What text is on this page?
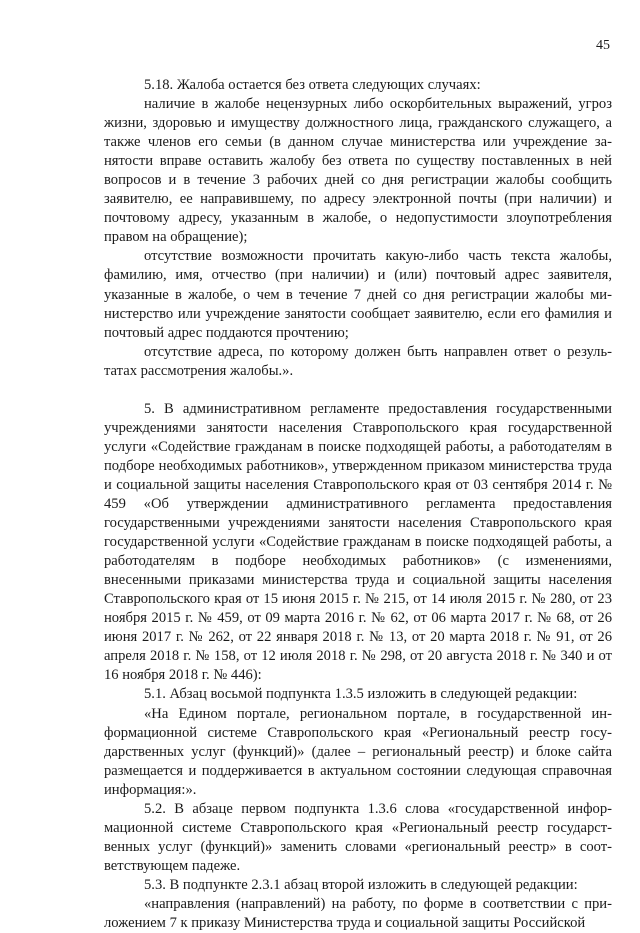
45

5.18. Жалоба остается без ответа следующих случаях:

наличие в жалобе нецензурных либо оскорбительных выражений, угроз жизни, здоровью и имуществу должностного лица, гражданского служащего, а также членов его семьи (в данном случае министерства или учреждение занятости вправе оставить жалобу без ответа по существу поставленных в ней вопросов и в течение 3 рабочих дней со дня регистрации жалобы сообщить заявителю, ее направившему, по адресу электронной почты (при наличии) и почтовому адресу, указанным в жалобе, о недопустимости злоупотребления правом на обращение);

отсутствие возможности прочитать какую-либо часть текста жалобы, фамилию, имя, отчество (при наличии) и (или) почтовый адрес заявителя, указанные в жалобе, о чем в течение 7 дней со дня регистрации жалобы министерство или учреждение занятости сообщает заявителю, если его фамилия и почтовый адрес поддаются прочтению;

отсутствие адреса, по которому должен быть направлен ответ о результатах рассмотрения жалобы.».

5. В административном регламенте предоставления государственными учреждениями занятости населения Ставропольского края государственной услуги «Содействие гражданам в поиске подходящей работы, а работодателям в подборе необходимых работников», утвержденном приказом министерства труда и социальной защиты населения Ставропольского края от 03 сентября 2014 г. № 459 «Об утверждении административного регламента предоставления государственными учреждениями занятости населения Ставропольского края государственной услуги «Содействие гражданам в поиске подходящей работы, а работодателям в подборе необходимых работников» (с изменениями, внесенными приказами министерства труда и социальной защиты населения Ставропольского края от 15 июня 2015 г. № 215, от 14 июля 2015 г. № 280, от 23 ноября 2015 г. № 459, от 09 марта 2016 г. № 62, от 06 марта 2017 г. № 68, от 26 июня 2017 г. № 262, от 22 января 2018 г. № 13, от 20 марта 2018 г. № 91, от 26 апреля 2018 г. № 158, от 12 июля 2018 г. № 298, от 20 августа 2018 г. № 340 и от 16 ноября 2018 г. № 446):

5.1. Абзац восьмой подпункта 1.3.5 изложить в следующей редакции:

«На Едином портале, региональном портале, в государственной информационной системе Ставропольского края «Региональный реестр государственных услуг (функций)» (далее – региональный реестр) и блоке сайта размещается и поддерживается в актуальном состоянии следующая справочная информация:».

5.2. В абзаце первом подпункта 1.3.6 слова «государственной информационной системе Ставропольского края «Региональный реестр государственных услуг (функций)» заменить словами «региональный реестр» в соответствующем падеже.

5.3. В подпункте 2.3.1 абзац второй изложить в следующей редакции:

«направления (направлений) на работу, по форме в соответствии с приложением 7 к приказу Министерства труда и социальной защиты Российской
